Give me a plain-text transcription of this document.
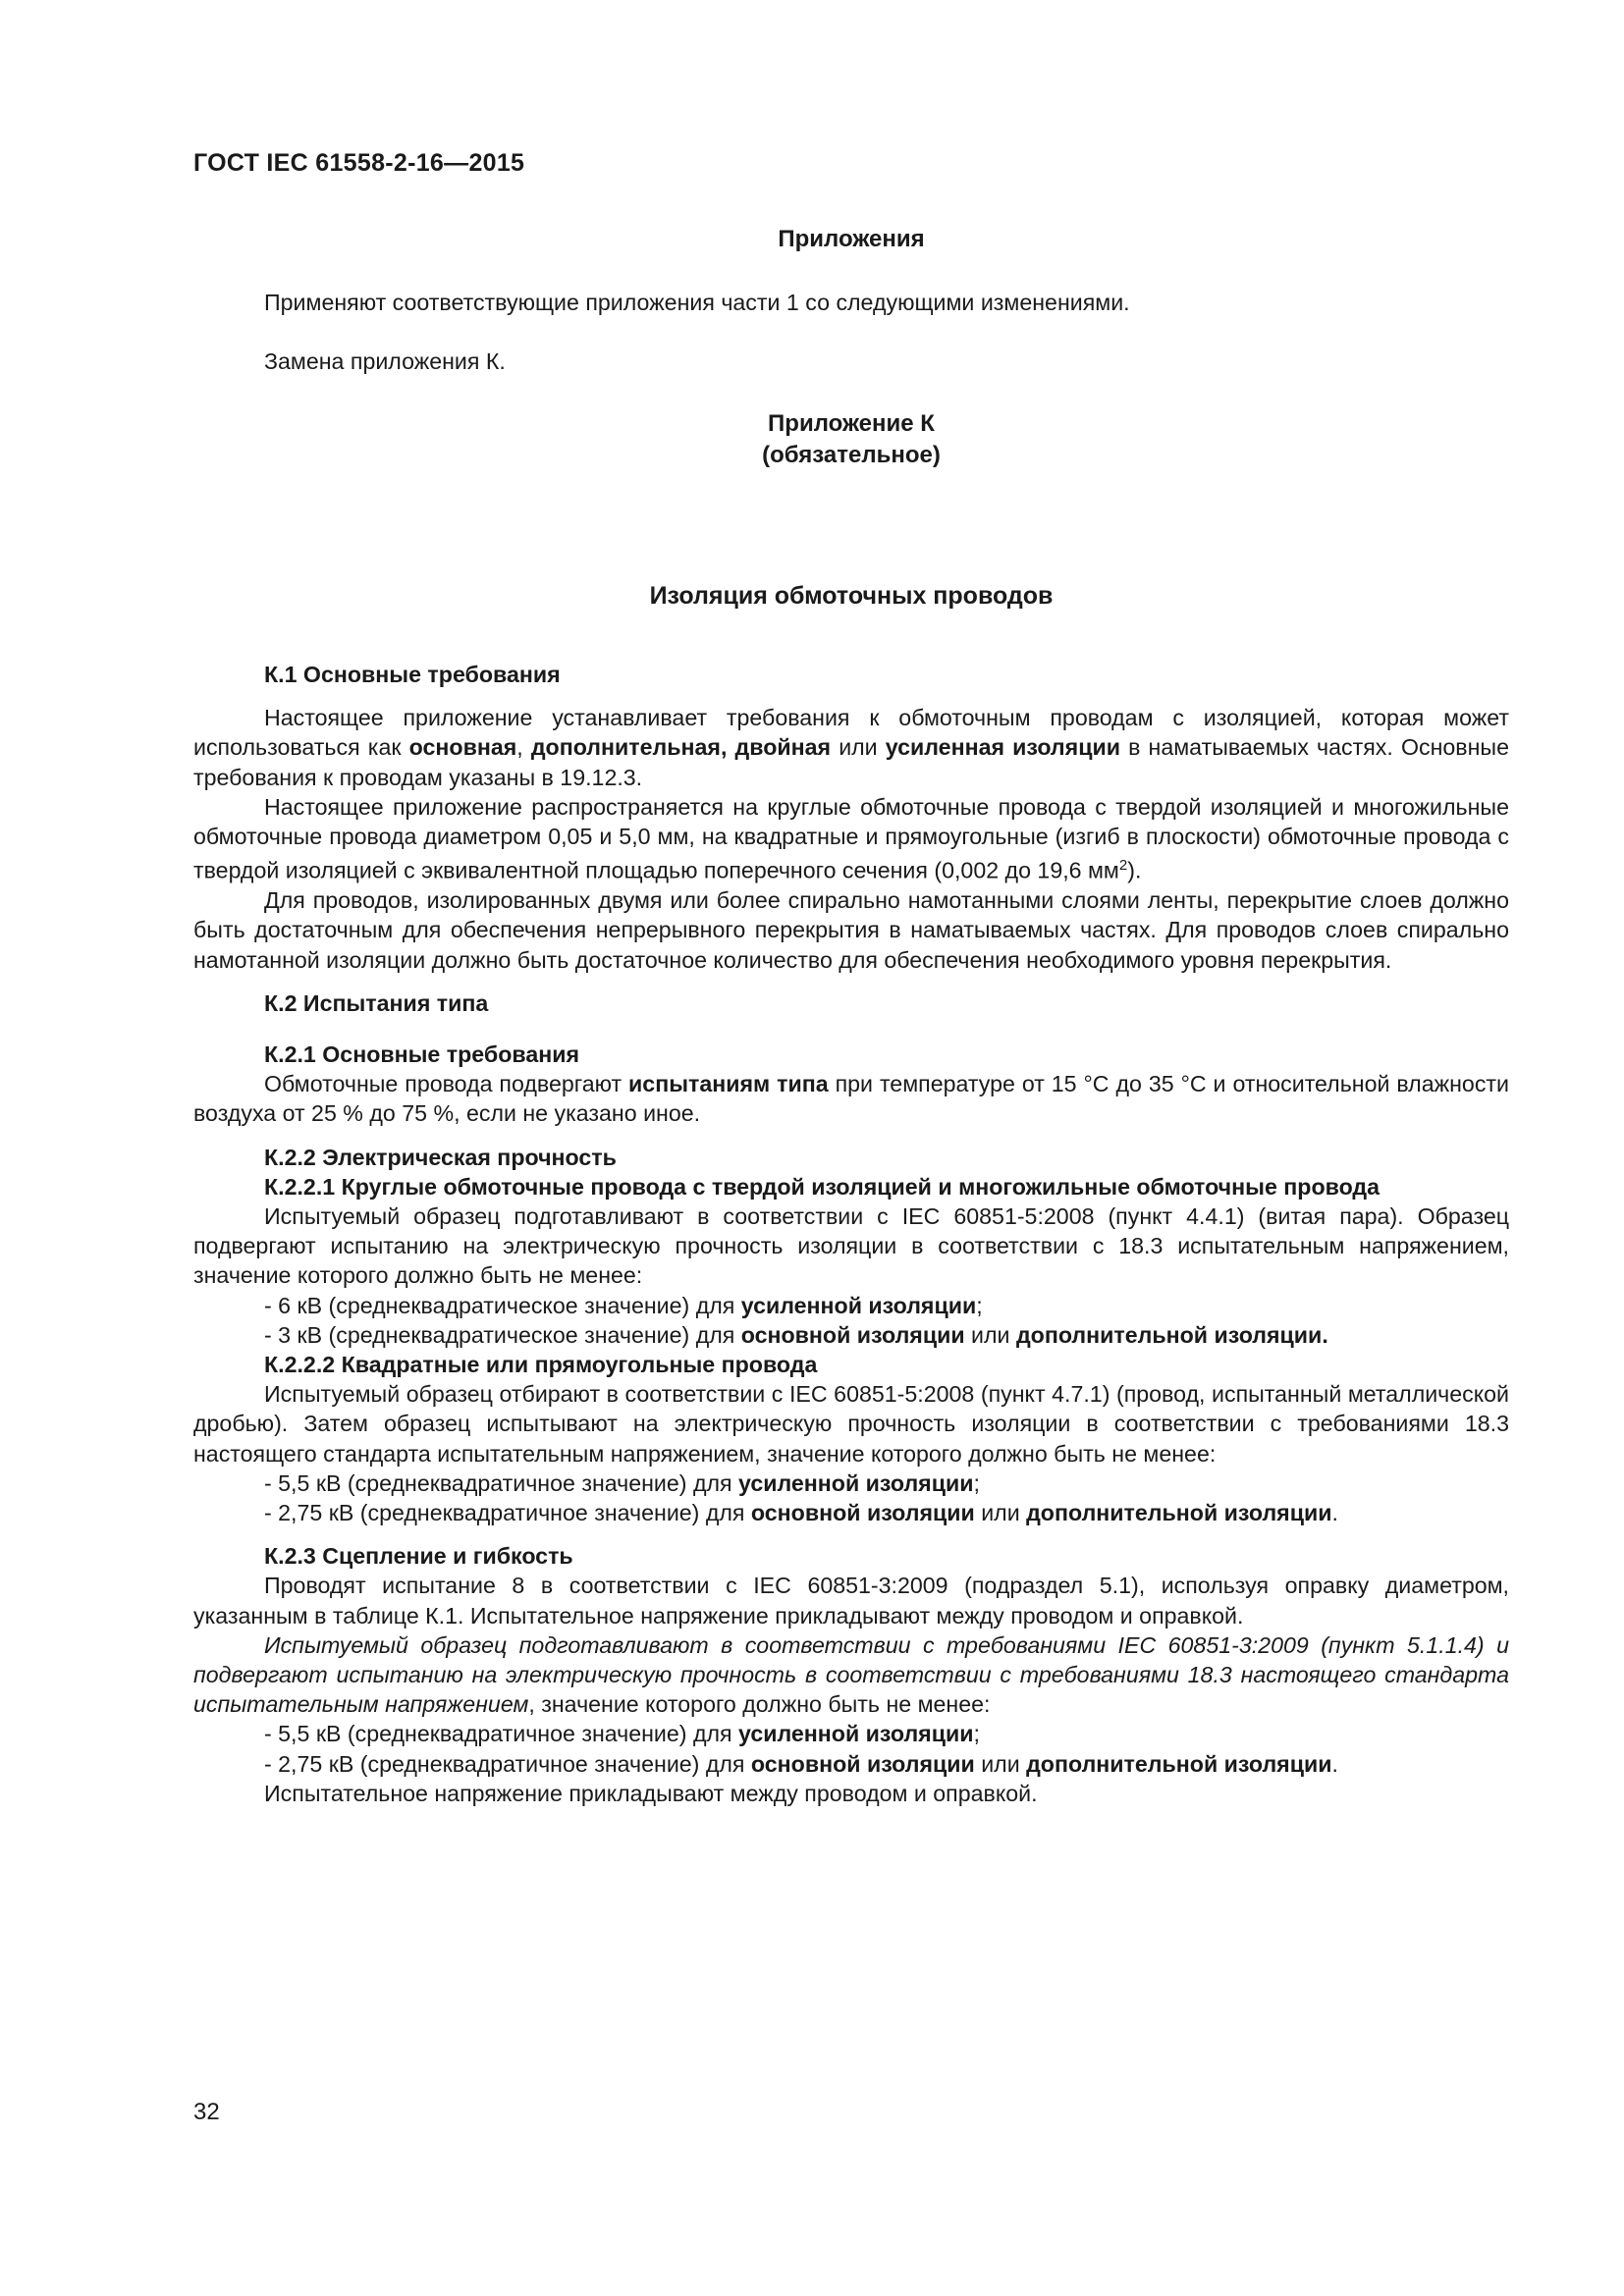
ГОСТ IEC 61558-2-16—2015
Приложения

Применяют соответствующие приложения части 1 со следующими изменениями.

Замена приложения К.

Приложение К
(обязательное)
Изоляция обмоточных проводов
К.1 Основные требования

Настоящее приложение устанавливает требования к обмоточным проводам с изоляцией, которая может использоваться как основная, дополнительная, двойная или усиленная изоляции в наматываемых частях. Основные требования к проводам указаны в 19.12.3.

Настоящее приложение распространяется на круглые обмоточные провода с твердой изоляцией и многожильные обмоточные провода диаметром 0,05 и 5,0 мм, на квадратные и прямоугольные (изгиб в плоскости) обмоточные провода с твердой изоляцией с эквивалентной площадью поперечного сечения (0,002 до 19,6 $мм^2$).

Для проводов, изолированных двумя или более спирально намотанными слоями ленты, перекрытие слоев должно быть достаточным для обеспечения непрерывного перекрытия в наматываемых частях. Для проводов слоев спирально намотанной изоляции должно быть достаточное количество для обеспечения необходимого уровня перекрытия.

К.2 Испытания типа
К.2.1 Основные требования

Обмоточные провода подвергают испытаниям типа при температуре от 15 °С до 35 °С и относительной влажности воздуха от 25 % до 75 %, если не указано иное.

К.2.2 Электрическая прочность
К.2.2.1 Круглые обмоточные провода с твердой изоляцией и многожильные обмоточные провода

Испытуемый образец подготавливают в соответствии с IEC 60851-5:2008 (пункт 4.4.1) (витая пара). Образец подвергают испытанию на электрическую прочность изоляции в соответствии с 18.3 испытательным напряжением, значение которого должно быть не менее:

- 6 кВ (среднеквадратическое значение) для усиленной изоляции;
- 3 кВ (среднеквадратическое значение) для основной изоляции или дополнительной изоляции.
К.2.2.2 Квадратные или прямоугольные провода

Испытуемый образец отбирают в соответствии с IEC 60851-5:2008 (пункт 4.7.1) (провод, испытанный металлической дробью). Затем образец испытывают на электрическую прочность изоляции в соответствии с требованиями 18.3 настоящего стандарта испытательным напряжением, значение которого должно быть не менее:

- 5,5 кВ (среднеквадратичное значение) для усиленной изоляции;
- 2,75 кВ (среднеквадратичное значение) для основной изоляции или дополнительной изоляции.
К.2.3 Сцепление и гибкость

Проводят испытание 8 в соответствии с IEC 60851-3:2009 (подраздел 5.1), используя оправку диаметром, указанным в таблице К.1. Испытательное напряжение прикладывают между проводом и оправкой.

Испытуемый образец подготавливают в соответствии с требованиями IEC 60851-3:2009 (пункт 5.1.1.4) и подвергают испытанию на электрическую прочность в соответствии с требованиями 18.3 настоящего стандарта испытательным напряжением, значение которого должно быть не менее:

- 5,5 кВ (среднеквадратичное значение) для усиленной изоляции;
- 2,75 кВ (среднеквадратичное значение) для основной изоляции или дополнительной изоляции.

Испытательное напряжение прикладывают между проводом и оправкой.

32
